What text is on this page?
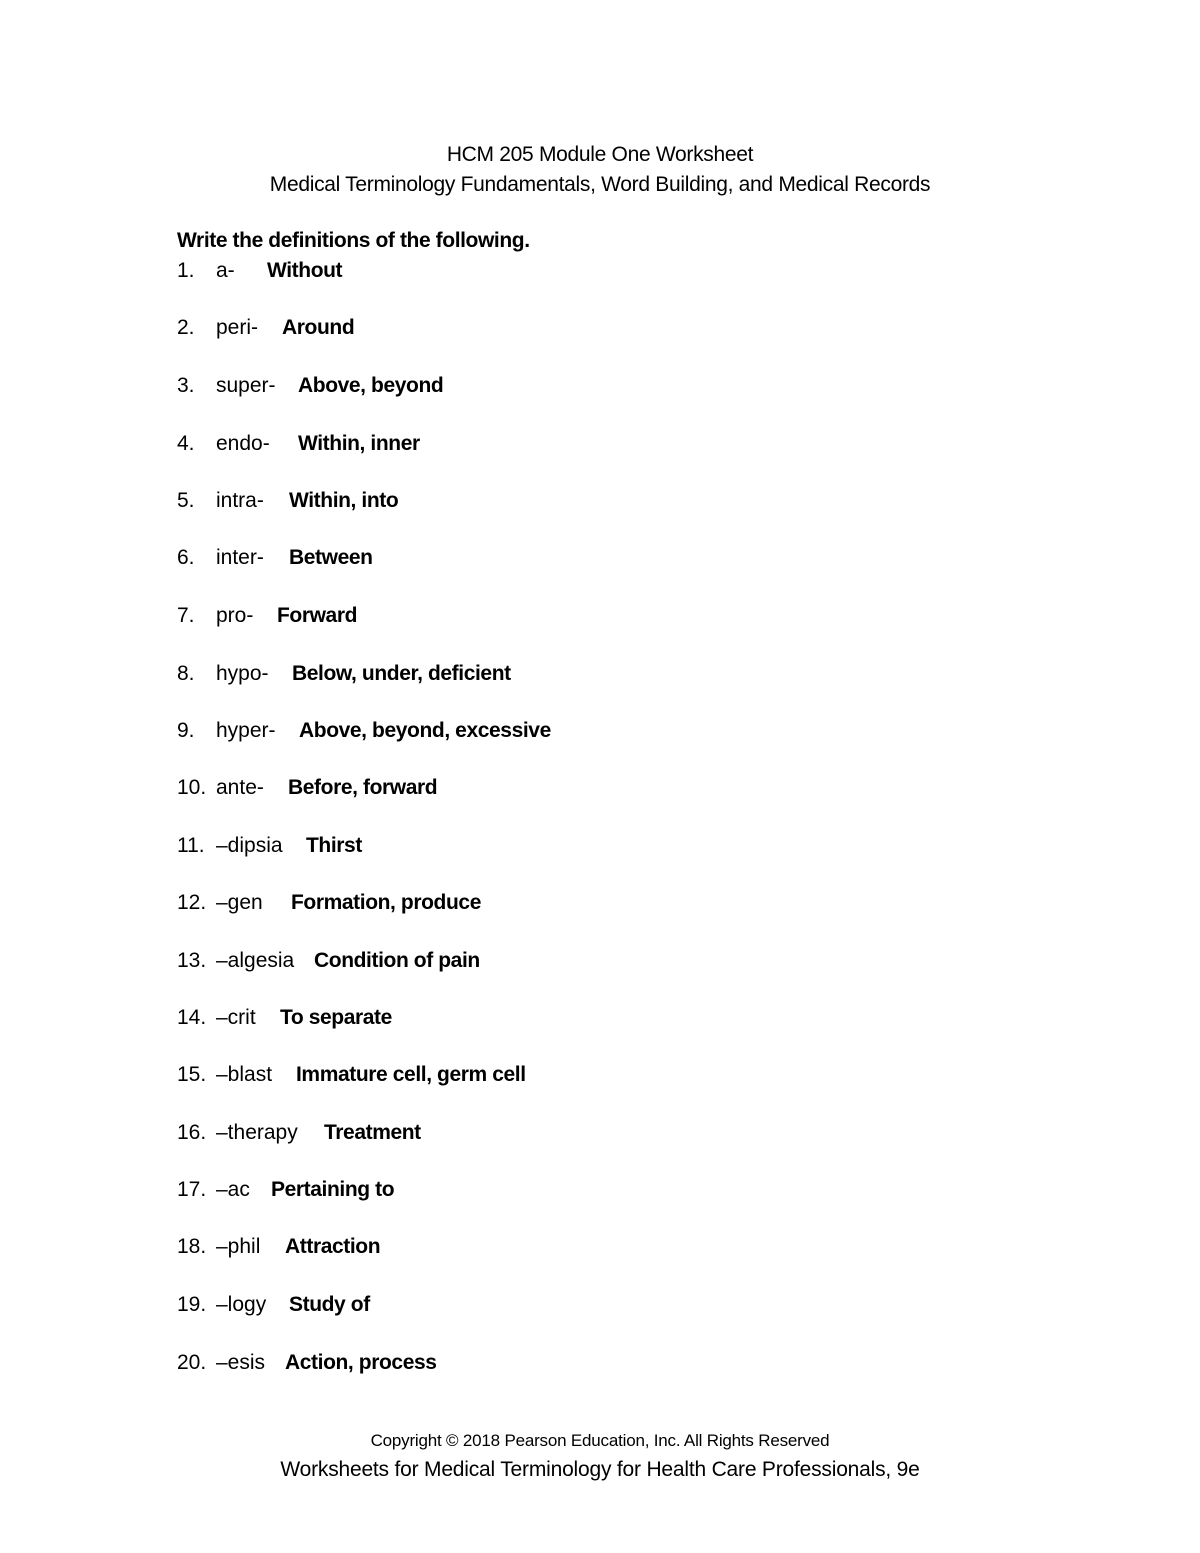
HCM 205 Module One Worksheet
Medical Terminology Fundamentals, Word Building, and Medical Records
Write the definitions of the following.
1. a- Without
2. peri- Around
3. super- Above, beyond
4. endo- Within, inner
5. intra- Within, into
6. inter- Between
7. pro- Forward
8. hypo- Below, under, deficient
9. hyper- Above, beyond, excessive
10. ante- Before, forward
11. –dipsia Thirst
12. –gen Formation, produce
13. –algesia Condition of pain
14. –crit To separate
15. –blast Immature cell, germ cell
16. –therapy Treatment
17. –ac Pertaining to
18. –phil Attraction
19. –logy Study of
20. –esis Action, process
Copyright © 2018 Pearson Education, Inc. All Rights Reserved
Worksheets for Medical Terminology for Health Care Professionals, 9e
